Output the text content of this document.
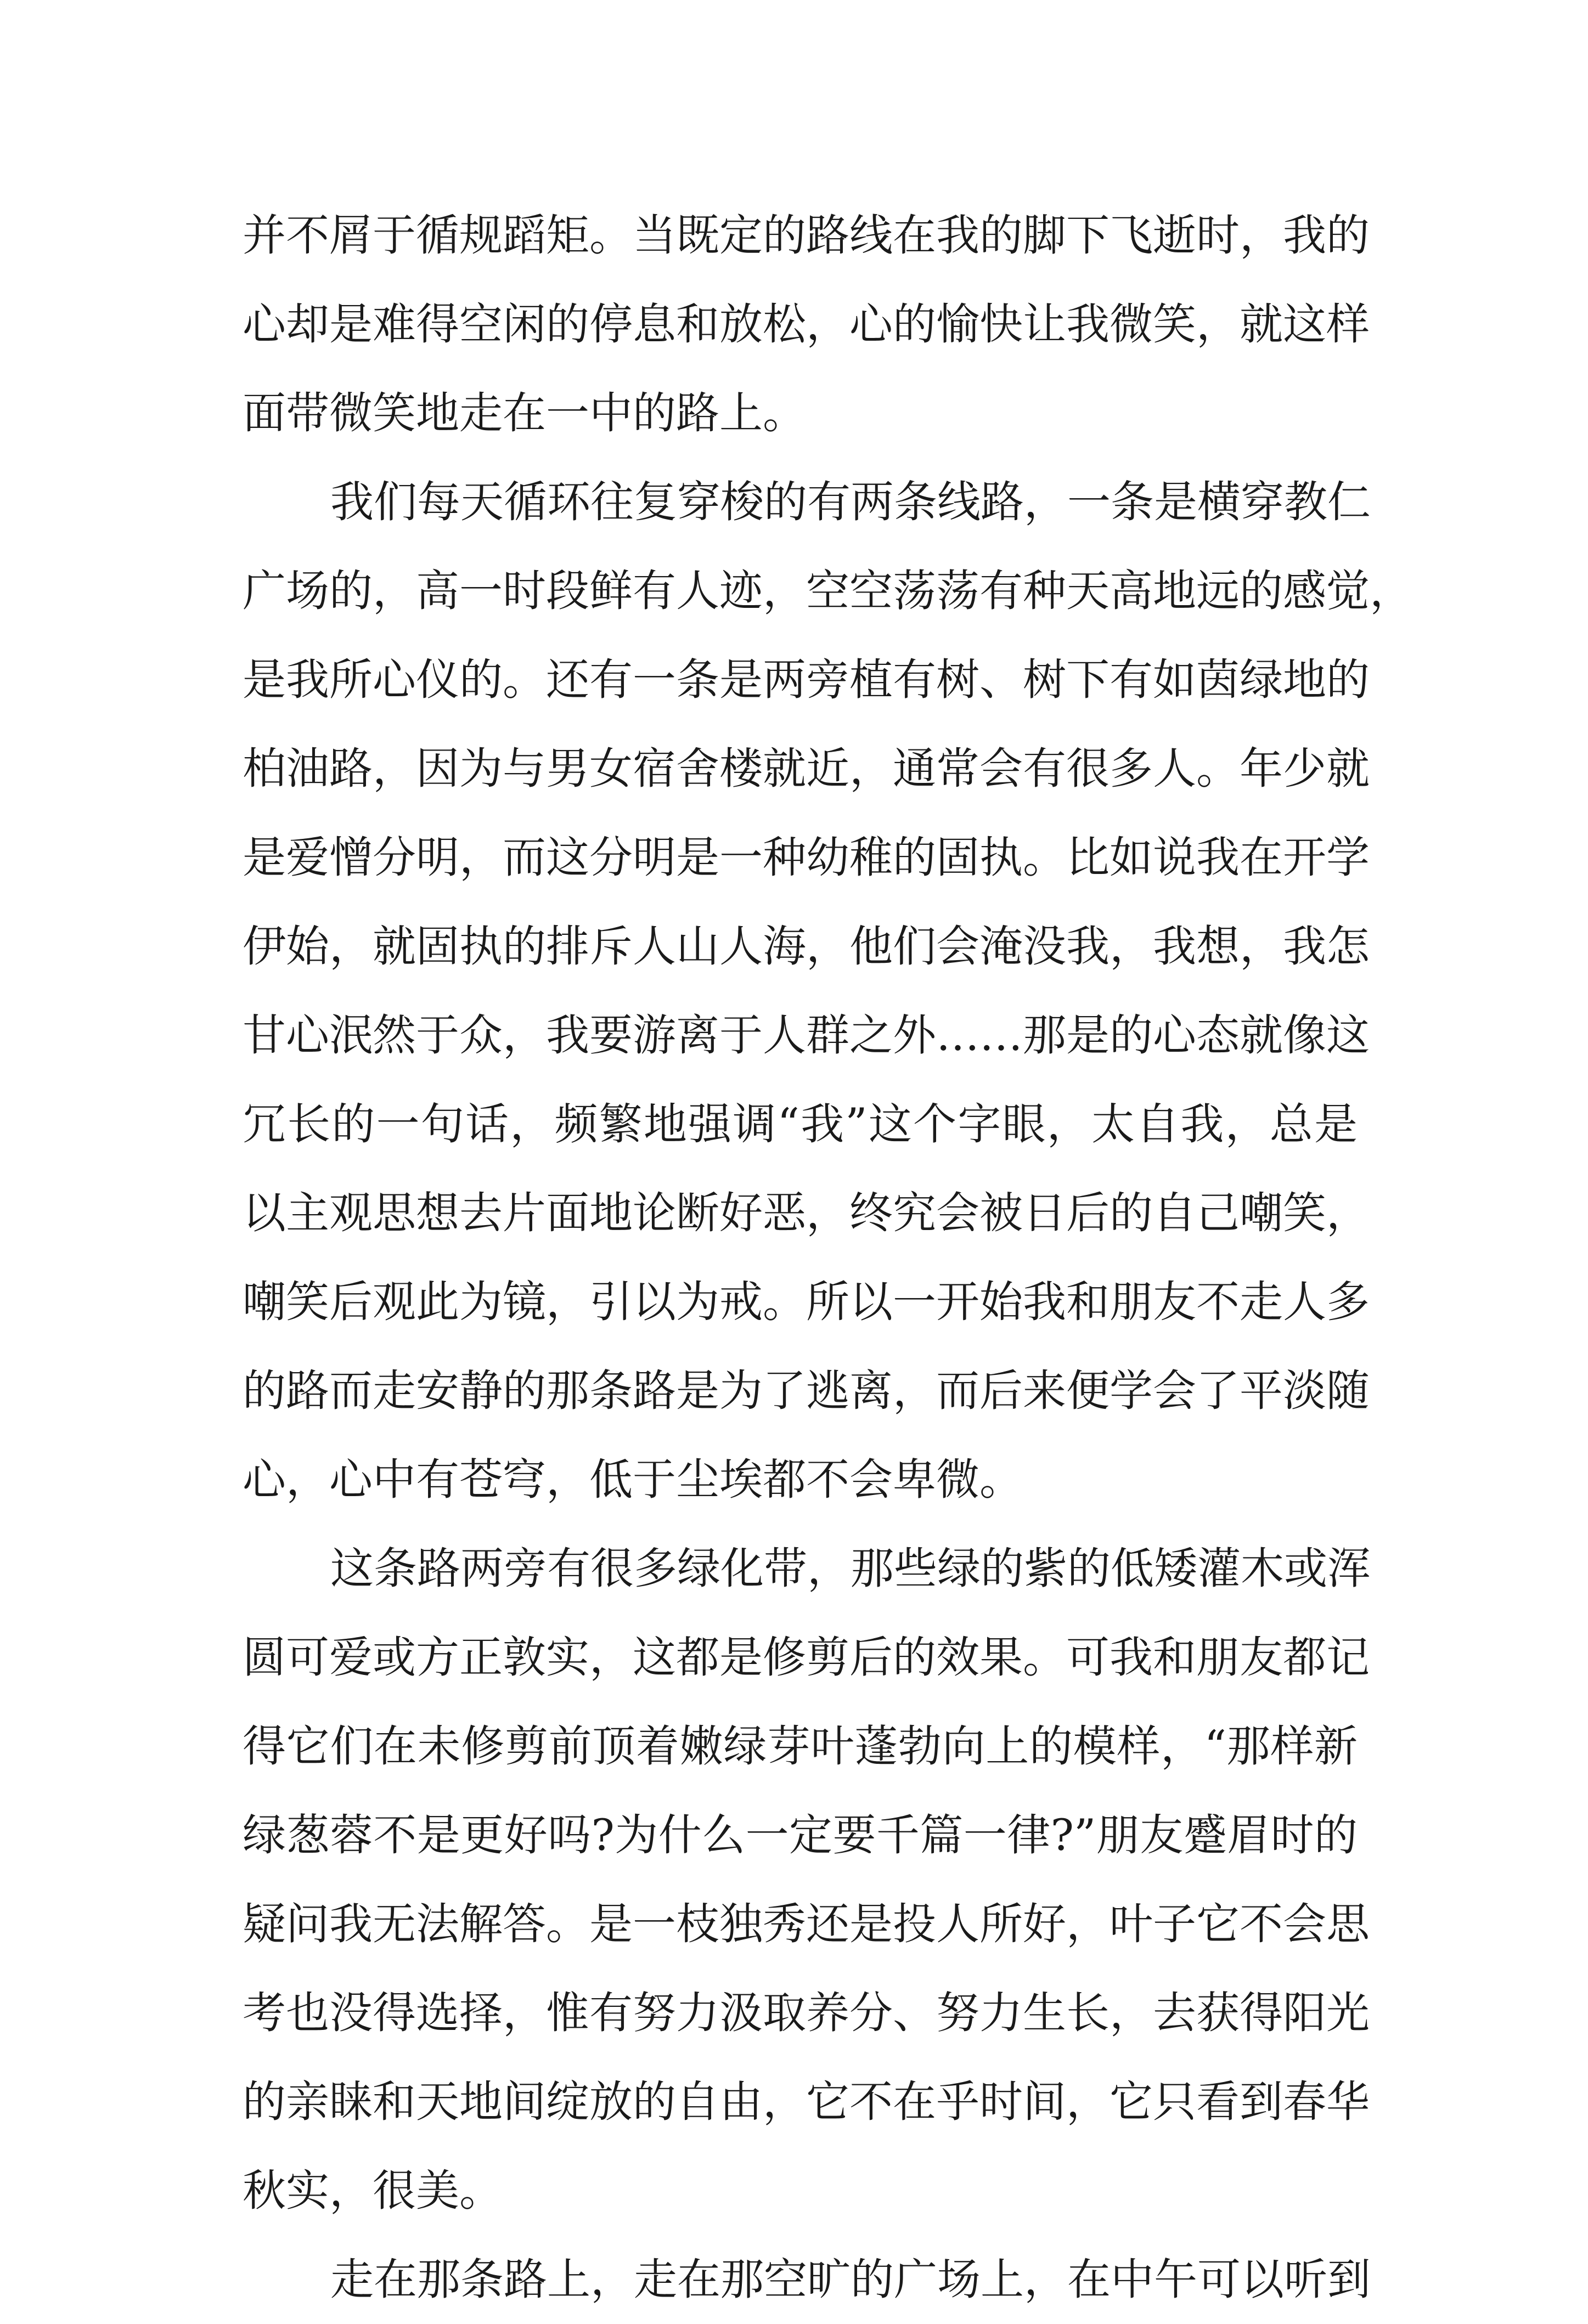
并不屑于循规蹈矩。当既定的路线在我的脚下飞逝时，我的
心却是难得空闲的停息和放松，心的愉快让我微笑，就这样
面带微笑地走在一中的路上。
我们每天循环往复穿梭的有两条线路，一条是横穿教仁
广场的，高一时段鲜有人迹，空空荡荡有种天高地远的感觉，
是我所心仪的。还有一条是两旁植有树、树下有如茵绿地的
柏油路，因为与男女宿舍楼就近，通常会有很多人。年少就
是爱憎分明，而这分明是一种幼稚的固执。比如说我在开学
伊始，就固执的排斥人山人海，他们会淹没我，我想，我怎
甘心泯然于众，我要游离于人群之外……那是的心态就像这
冗长的一句话，频繁地强调“我”这个字眼，太自我，总是
以主观思想去片面地论断好恶，终究会被日后的自己嘲笑，
嘲笑后观此为镜，引以为戒。所以一开始我和朋友不走人多
的路而走安静的那条路是为了逃离，而后来便学会了平淡随
心，心中有苍穹，低于尘埃都不会卑微。
这条路两旁有很多绿化带，那些绿的紫的低矮灌木或浑
圆可爱或方正敦实，这都是修剪后的效果。可我和朋友都记
得它们在未修剪前顶着嫩绿芽叶蓬勃向上的模样，“那样新
绿葱蓉不是更好吗?为什么一定要千篇一律?”朋友蹙眉时的
疑问我无法解答。是一枝独秀还是投人所好，叶子它不会思
考也没得选择，惟有努力汲取养分、努力生长，去获得阳光
的亲睐和天地间绽放的自由，它不在乎时间，它只看到春华
秋实，很美。
走在那条路上，走在那空旷的广场上，在中午可以听到
